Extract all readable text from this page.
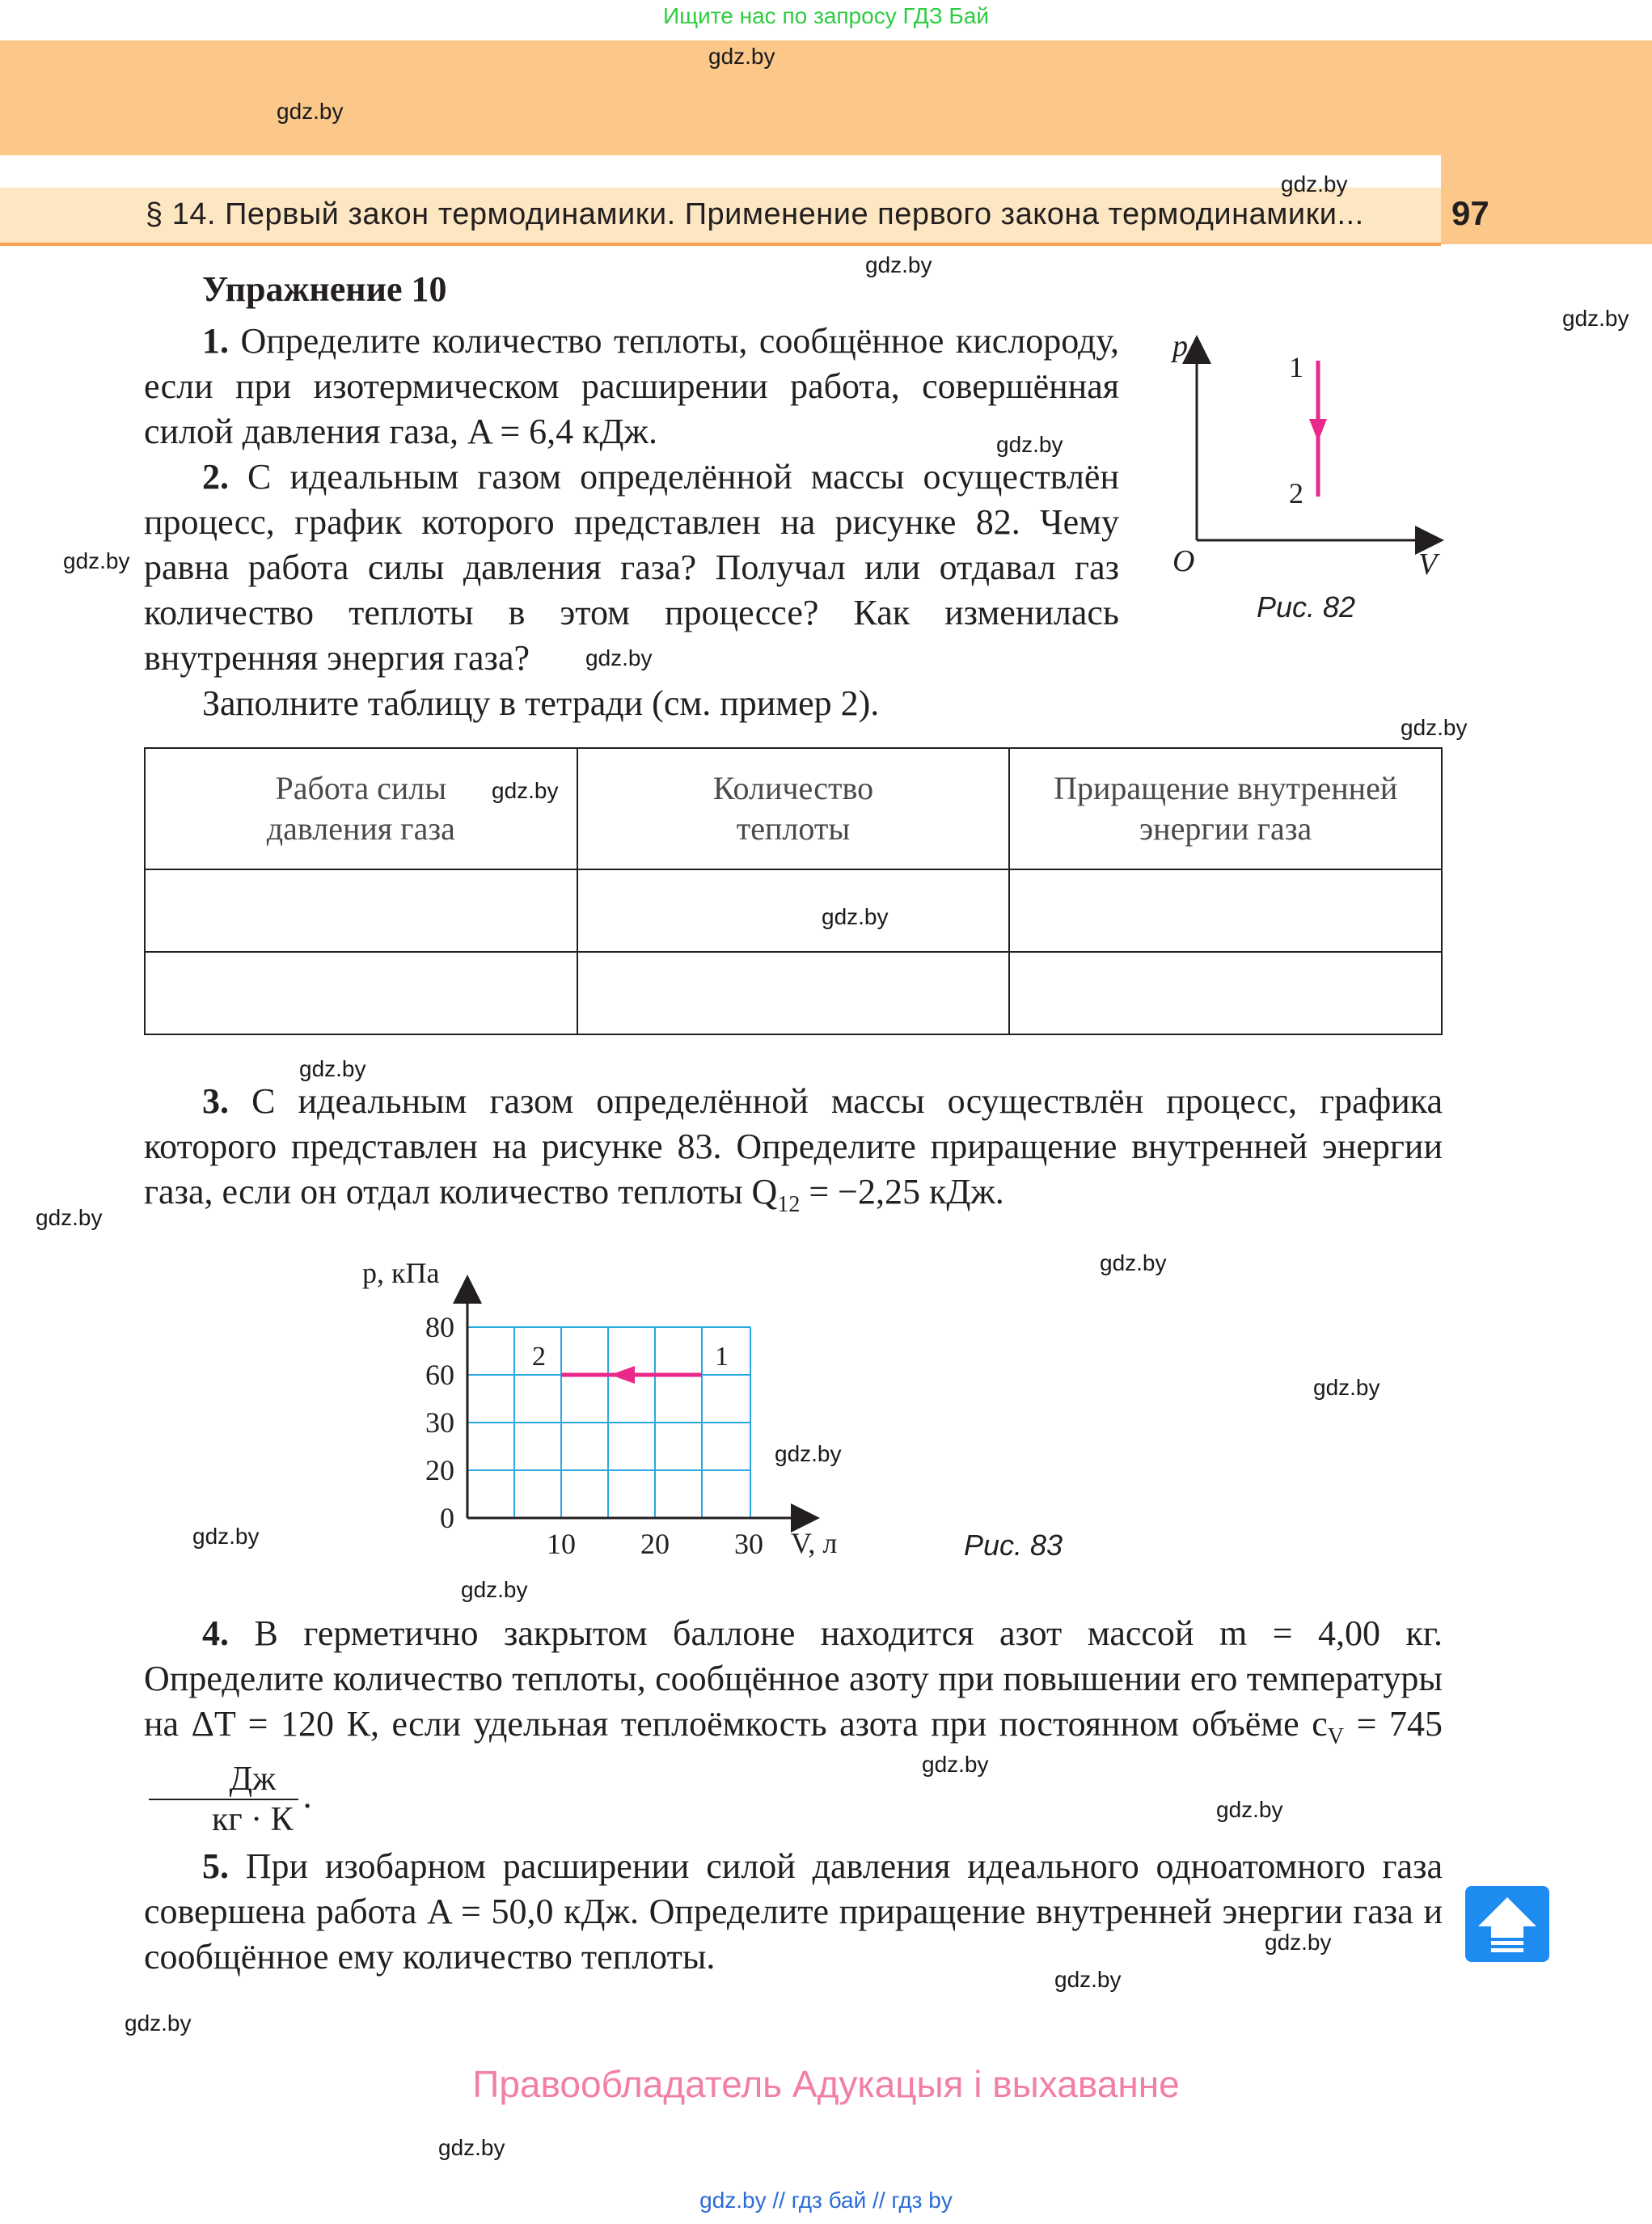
Ищите нас по запросу ГДЗ Бай
§ 14. Первый закон термодинамики. Применение первого закона термодинамики...	97
gdz.by
gdz.by
gdz.by
gdz.by
gdz.by
gdz.by
gdz.by
gdz.by
gdz.by
gdz.by
gdz.by
gdz.by
gdz.by
gdz.by
gdz.by
gdz.by
gdz.by
gdz.by
gdz.by
gdz.by
gdz.by
gdz.by
gdz.by
gdz.by
Упражнение 10
1. Определите количество теплоты, сообщённое кислороду, если при изотермическом расширении работа, совершённая силой давления газа, A = 6,4 кДж.
2. С идеальным газом определённой массы осуществлён процесс, график которого представлен на рисунке 82. Чему равна работа силы давления газа? Получал или отдавал газ количество теплоты в этом процессе? Как изменилась внутренняя энергия газа?
Заполните таблицу в тетради (см. пример 2).
p
V
O
1
2
Рис. 82
Работа силы давления газа	Количество теплоты	Приращение внутренней энергии газа

3. С идеальным газом определённой массы осуществлён процесс, графика которого представлен на рисунке 83. Определите приращение внутренней энергии газа, если он отдал количество теплоты $Q_{12} = -2,25$ кДж.
0
20
30
60
80
10 20 30
p, кПа
V, л
1
2
Рис. 83
4. В герметично закрытом баллоне находится азот массой m = 4,00 кг. Определите количество теплоты, сообщённое азоту при повышении его температуры на ΔT = 120 К, если удельная теплоёмкость азота при постоянном объёме $c_V = 745$
$\frac{Дж}{кг \cdot К}$ .
5. При изобарном расширении силой давления идеального одноатомного газа совершена работа A = 50,0 кДж. Определите приращение внутренней энергии газа и сообщённое ему количество теплоты.
Правообладатель Адукацыя і выхаванне
gdz.by // гдз бай // гдз by
